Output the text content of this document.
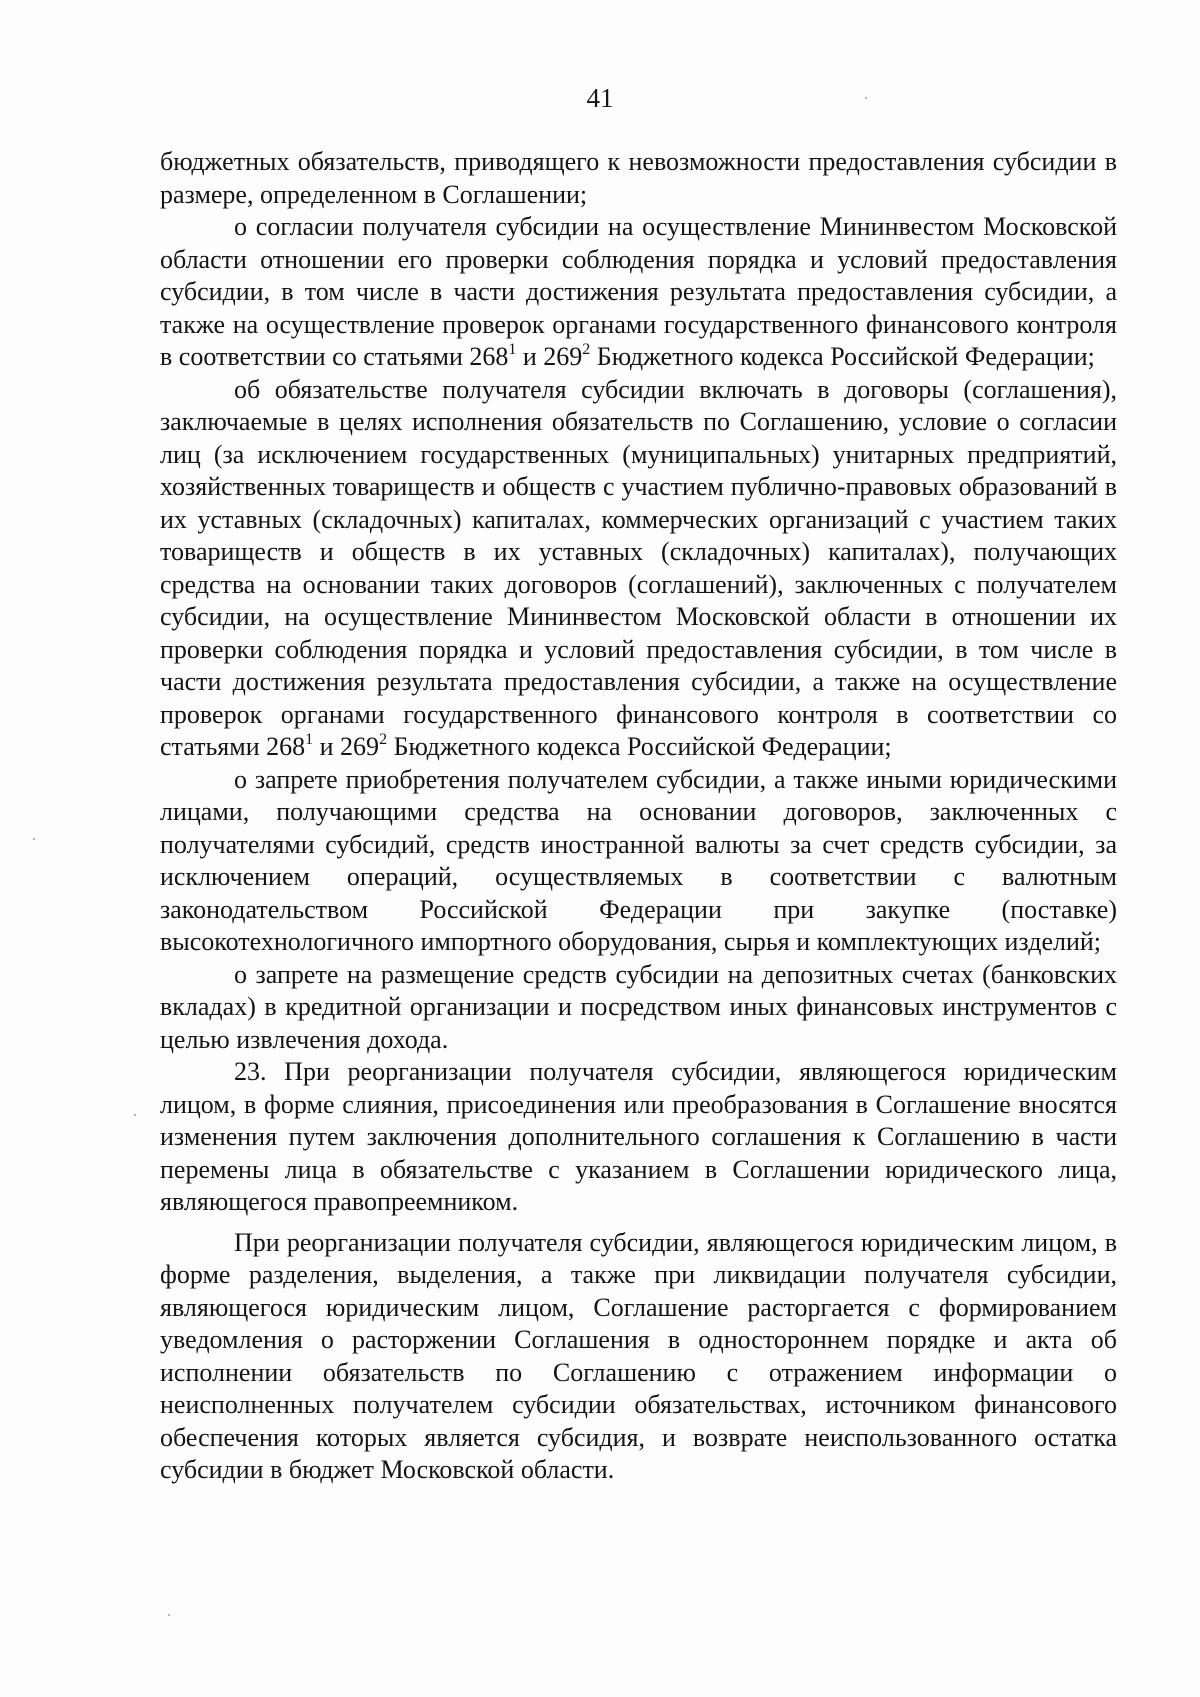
41

бюджетных обязательств, приводящего к невозможности предоставления субсидии в размере, определенном в Соглашении;

о согласии получателя субсидии на осуществление Мининвестом Московской области отношении его проверки соблюдения порядка и условий предоставления субсидии, в том числе в части достижения результата предоставления субсидии, а также на осуществление проверок органами государственного финансового контроля в соответствии со статьями $268^1$ и $269^2$ Бюджетного кодекса Российской Федерации;

об обязательстве получателя субсидии включать в договоры (соглашения), заключаемые в целях исполнения обязательств по Соглашению, условие о согласии лиц (за исключением государственных (муниципальных) унитарных предприятий, хозяйственных товариществ и обществ с участием публично-правовых образований в их уставных (складочных) капиталах, коммерческих организаций с участием таких товариществ и обществ в их уставных (складочных) капиталах), получающих средства на основании таких договоров (соглашений), заключенных с получателем субсидии, на осуществление Мининвестом Московской области в отношении их проверки соблюдения порядка и условий предоставления субсидии, в том числе в части достижения результата предоставления субсидии, а также на осуществление проверок органами государственного финансового контроля в соответствии со статьями $268^1$ и $269^2$ Бюджетного кодекса Российской Федерации;

о запрете приобретения получателем субсидии, а также иными юридическими лицами, получающими средства на основании договоров, заключенных с получателями субсидий, средств иностранной валюты за счет средств субсидии, за исключением операций, осуществляемых в соответствии с валютным законодательством Российской Федерации при закупке (поставке) высокотехнологичного импортного оборудования, сырья и комплектующих изделий;

о запрете на размещение средств субсидии на депозитных счетах (банковских вкладах) в кредитной организации и посредством иных финансовых инструментов с целью извлечения дохода.

23. При реорганизации получателя субсидии, являющегося юридическим лицом, в форме слияния, присоединения или преобразования в Соглашение вносятся изменения путем заключения дополнительного соглашения к Соглашению в части перемены лица в обязательстве с указанием в Соглашении юридического лица, являющегося правопреемником.

При реорганизации получателя субсидии, являющегося юридическим лицом, в форме разделения, выделения, а также при ликвидации получателя субсидии, являющегося юридическим лицом, Соглашение расторгается с формированием уведомления о расторжении Соглашения в одностороннем порядке и акта об исполнении обязательств по Соглашению с отражением информации о неисполненных получателем субсидии обязательствах, источником финансового обеспечения которых является субсидия, и возврате неиспользованного остатка субсидии в бюджет Московской области.
